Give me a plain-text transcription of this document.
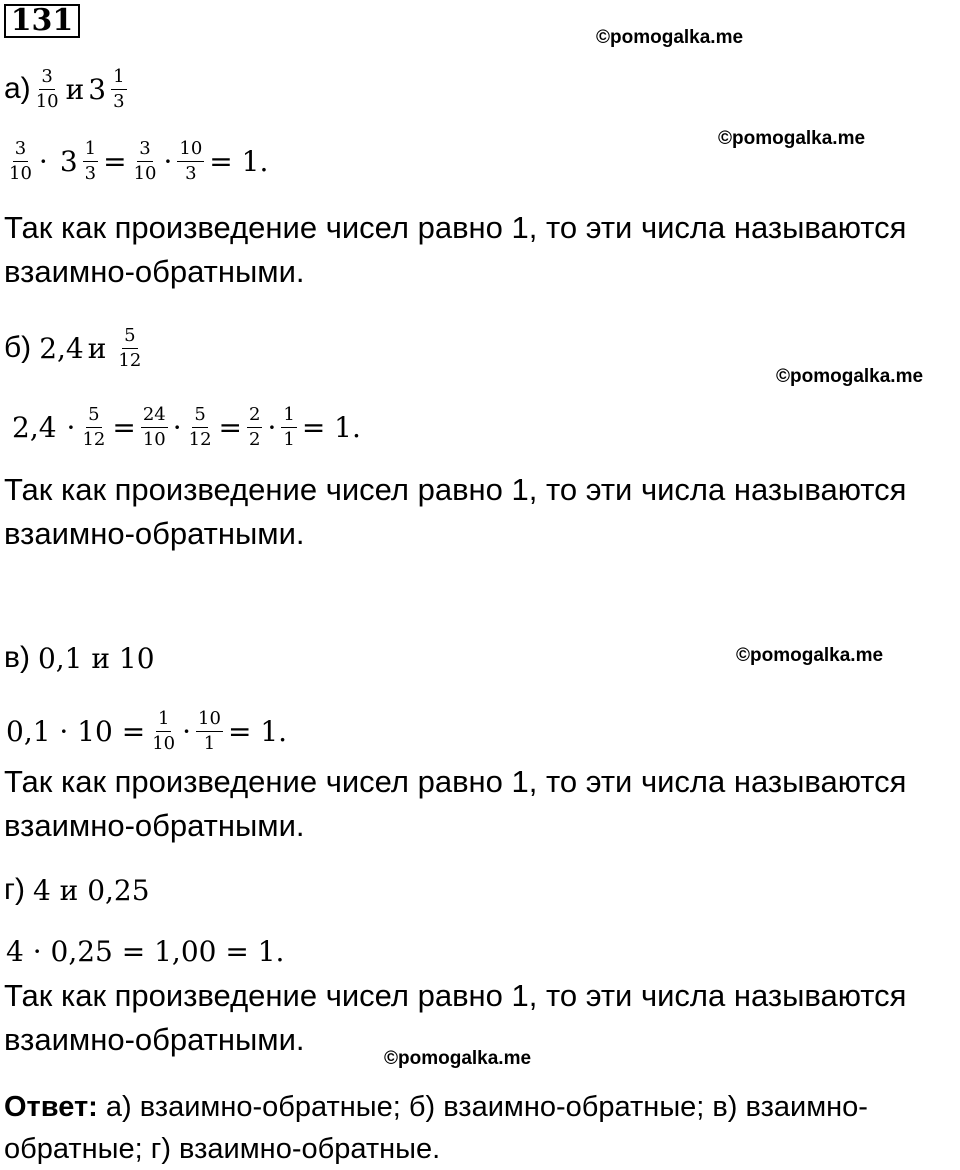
131	©pomogalka.me
©pomogalka.me
©pomogalka.me
©pomogalka.me
©pomogalka.me
$а) \frac{3}{10}$ и $3 \frac{1}{3}$
$\frac{3}{10} \cdot 3 \frac{1}{3} = \frac{3}{10} \cdot \frac{10}{3} = 1$.
Так как произведение чисел равно 1, то эти числа называются
взаимно-обратными.
б) 2,4 и $\frac{5}{12}$
$2,4 \cdot \frac{5}{12} = \frac{24}{10} \cdot \frac{5}{12} = \frac{2}{2} \cdot \frac{1}{1} = 1$.
Так как произведение чисел равно 1, то эти числа называются
взаимно-обратными.
в) 0,1 и 10
$0,1 \cdot 10 = \frac{1}{10} \cdot \frac{10}{1} = 1$.
Так как произведение чисел равно 1, то эти числа называются
взаимно-обратными.
г) 4 и 0,25
4 · 0,25 = 1,00 = 1.
Так как произведение чисел равно 1, то эти числа называются
взаимно-обратными.
Ответ: а) взаимно-обратные; б) взаимно-обратные; в) взаимно-
обратные; г) взаимно-обратные.
